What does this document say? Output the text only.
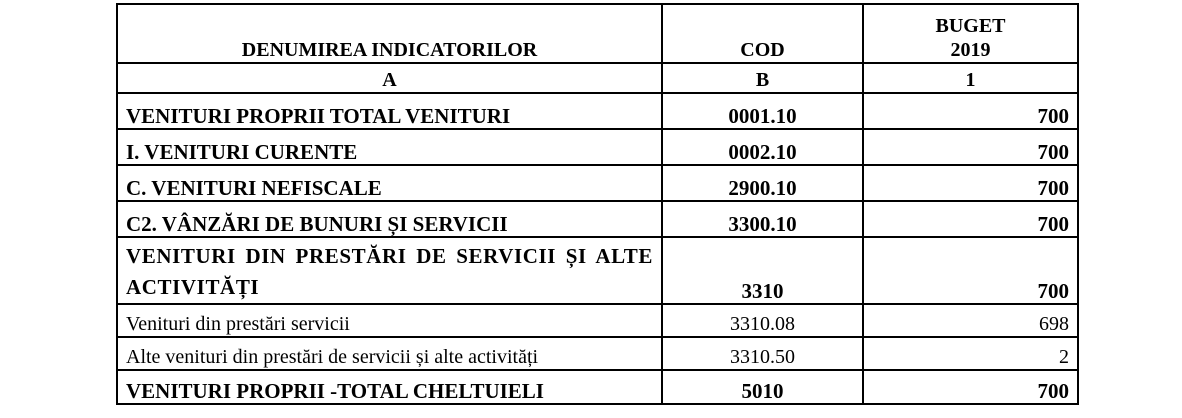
DENUMIREA INDICATORILOR	COD	BUGET
2019
A	B	1
VENITURI PROPRII TOTAL VENITURI	0001.10	700
I. VENITURI CURENTE	0002.10	700
C. VENITURI NEFISCALE	2900.10	700
C2. VÂNZĂRI DE BUNURI ȘI SERVICII	3300.10	700
VENITURI DIN PRESTĂRI DE SERVICII ȘI ALTE ACTIVITĂȚI	3310	700
Venituri din prestări servicii	3310.08	698
Alte venituri din prestări de servicii și alte activități	3310.50	2
VENITURI PROPRII -TOTAL CHELTUIELI	5010	700
